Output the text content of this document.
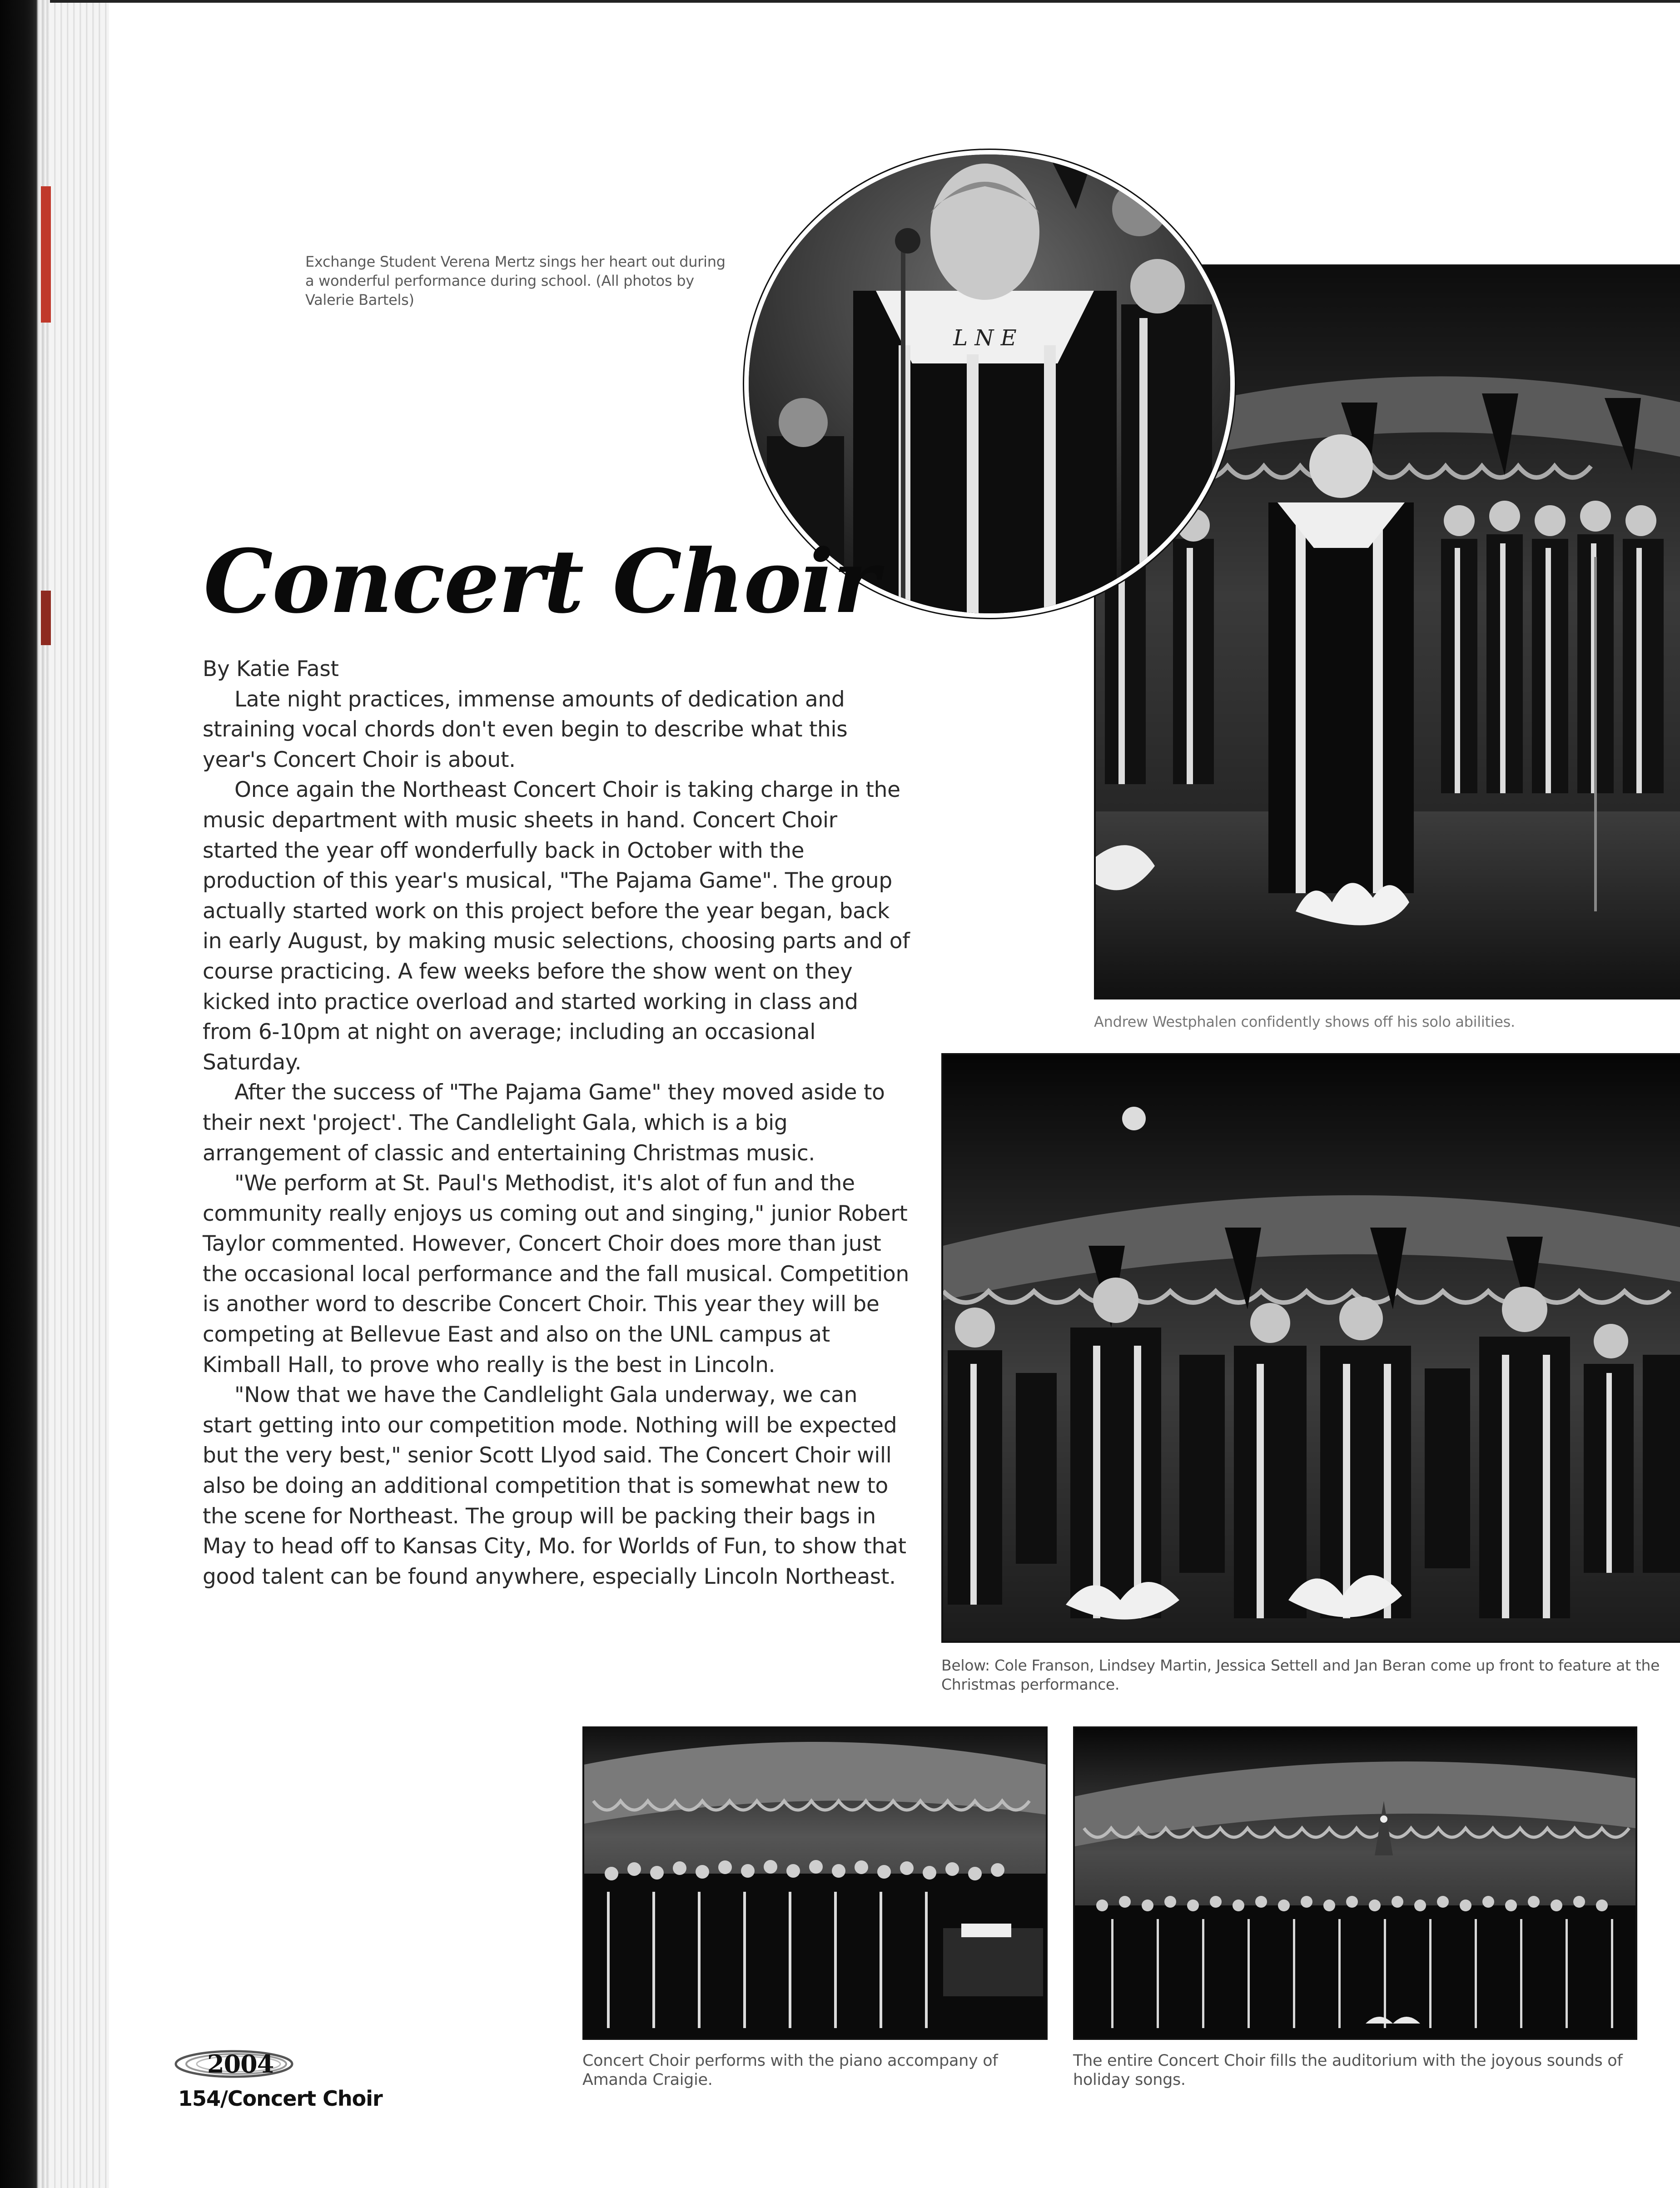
L N E
Concert Choir

By Katie Fast

Late night practices, immense amounts of dedication and straining vocal chords don't even begin to describe what this year's Concert Choir is about.

Once again the Northeast Concert Choir is taking charge in the music department with music sheets in hand. Concert Choir started the year off wonderfully back in October with the production of this year's musical, "The Pajama Game". The group actually started work on this project before the year began, back in early August, by making music selections, choosing parts and of course practicing. A few weeks before the show went on they kicked into practice overload and started working in class and from 6-10pm at night on average; including an occasional Saturday.

After the success of "The Pajama Game" they moved aside to their next 'project'. The Candlelight Gala, which is a big arrangement of classic and entertaining Christmas music.

"We perform at St. Paul's Methodist, it's alot of fun and the community really enjoys us coming out and singing," junior Robert Taylor commented. However, Concert Choir does more than just the occasional local performance and the fall musical. Competition is another word to describe Concert Choir. This year they will be competing at Bellevue East and also on the UNL campus at Kimball Hall, to prove who really is the best in Lincoln.

"Now that we have the Candlelight Gala underway, we can start getting into our competition mode. Nothing will be expected but the very best," senior Scott Llyod said. The Concert Choir will also be doing an additional competition that is somewhat new to the scene for Northeast. The group will be packing their bags in May to head off to Kansas City, Mo. for Worlds of Fun, to show that good talent can be found anywhere, especially Lincoln Northeast.

Exchange Student Verena Mertz sings her heart out during a wonderful performance during school. (All photos by Valerie Bartels)
Andrew Westphalen confidently shows off his solo abilities.
Below: Cole Franson, Lindsey Martin, Jessica Settell and Jan Beran come up front to feature at the Christmas performance.
Concert Choir performs with the piano accompany of Amanda Craigie.
The entire Concert Choir fills the auditorium with the joyous sounds of holiday songs.
2004
154/Concert Choir
